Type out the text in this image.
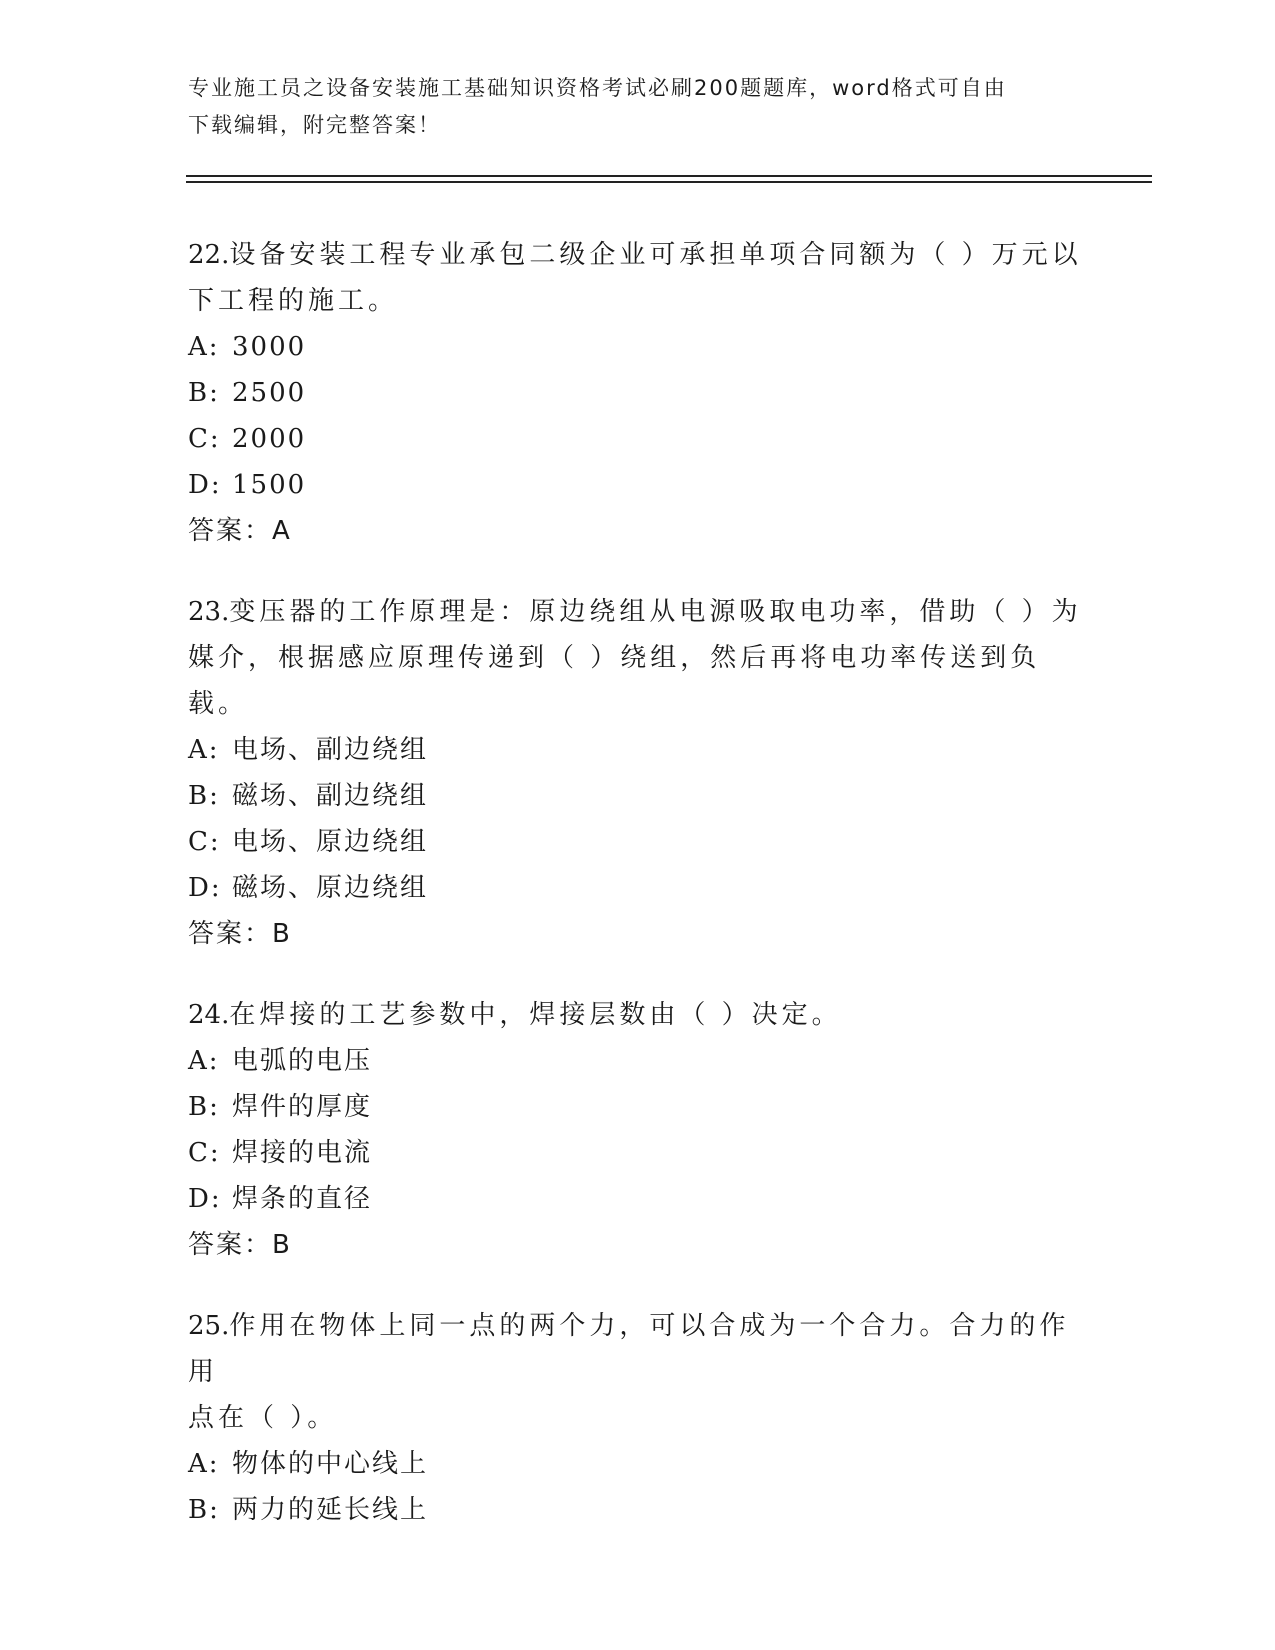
专业施工员之设备安装施工基础知识资格考试必刷200题题库，word格式可自由
下载编辑，附完整答案！
22.设备安装工程专业承包二级企业可承担单项合同额为（ ）万元以
下工程的施工。
A: 3000
B: 2500
C: 2000
D: 1500
答案：A
23.变压器的工作原理是：原边绕组从电源吸取电功率，借助（ ）为
媒介，根据感应原理传递到（ ）绕组，然后再将电功率传送到负载。
A: 电场、副边绕组
B: 磁场、副边绕组
C: 电场、原边绕组
D: 磁场、原边绕组
答案：B
24.在焊接的工艺参数中，焊接层数由（ ）决定。
A: 电弧的电压
B: 焊件的厚度
C: 焊接的电流
D: 焊条的直径
答案：B
25.作用在物体上同一点的两个力，可以合成为一个合力。合力的作用
点在（ ）。
A: 物体的中心线上
B: 两力的延长线上
